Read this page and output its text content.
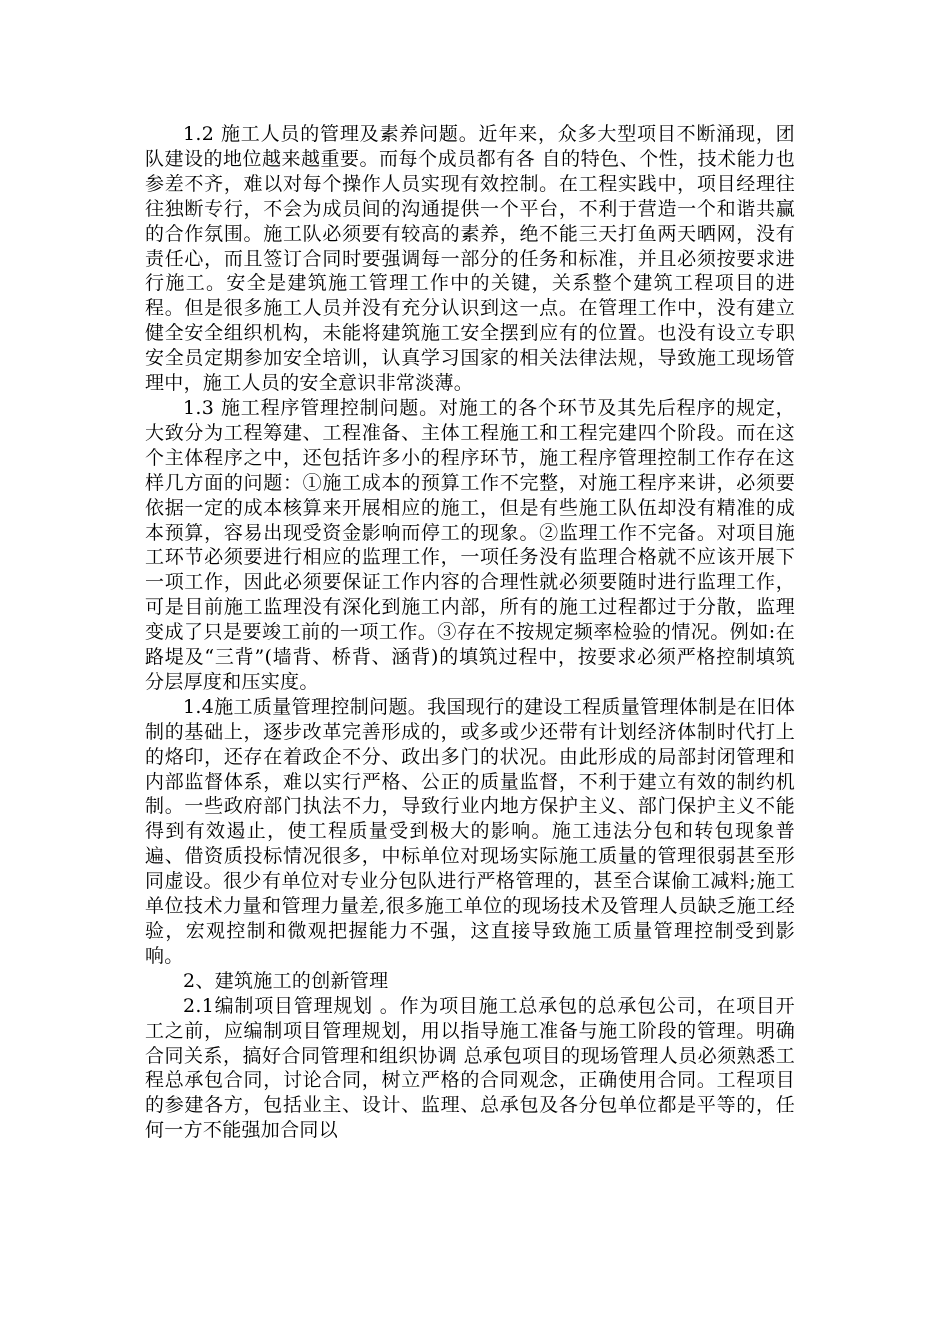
1.2 施工人员的管理及素养问题。近年来，众多大型项目不断涌现，团队建设的地位越来越重要。而每个成员都有各 自的特色、个性，技术能力也参差不齐，难以对每个操作人员实现有效控制。在工程实践中，项目经理往往独断专行，不会为成员间的沟通提供一个平台，不利于营造一个和谐共赢的合作氛围。施工队必须要有较高的素养，绝不能三天打鱼两天晒网，没有责任心，而且签订合同时要强调每一部分的任务和标准，并且必须按要求进行施工。安全是建筑施工管理工作中的关键，关系整个建筑工程项目的进程。但是很多施工人员并没有充分认识到这一点。在管理工作中，没有建立健全安全组织机构，未能将建筑施工安全摆到应有的位置。也没有设立专职安全员定期参加安全培训，认真学习国家的相关法律法规，导致施工现场管理中，施工人员的安全意识非常淡薄。

1.3 施工程序管理控制问题。对施工的各个环节及其先后程序的规定，大致分为工程筹建、工程准备、主体工程施工和工程完建四个阶段。而在这个主体程序之中，还包括许多小的程序环节，施工程序管理控制工作存在这样几方面的问题：①施工成本的预算工作不完整，对施工程序来讲，必须要依据一定的成本核算来开展相应的施工，但是有些施工队伍却没有精准的成本预算，容易出现受资金影响而停工的现象。②监理工作不完备。对项目施工环节必须要进行相应的监理工作，一项任务没有监理合格就不应该开展下一项工作，因此必须要保证工作内容的合理性就必须要随时进行监理工作，可是目前施工监理没有深化到施工内部，所有的施工过程都过于分散，监理变成了只是要竣工前的一项工作。③存在不按规定频率检验的情况。例如:在路堤及“三背”(墙背、桥背、涵背)的填筑过程中，按要求必须严格控制填筑分层厚度和压实度。

1.4施工质量管理控制问题。我国现行的建设工程质量管理体制是在旧体制的基础上，逐步改革完善形成的，或多或少还带有计划经济体制时代打上的烙印，还存在着政企不分、政出多门的状况。由此形成的局部封闭管理和内部监督体系，难以实行严格、公正的质量监督，不利于建立有效的制约机制。一些政府部门执法不力，导致行业内地方保护主义、部门保护主义不能得到有效遏止，使工程质量受到极大的影响。施工违法分包和转包现象普遍、借资质投标情况很多，中标单位对现场实际施工质量的管理很弱甚至形同虚设。很少有单位对专业分包队进行严格管理的，甚至合谋偷工减料;施工单位技术力量和管理力量差,很多施工单位的现场技术及管理人员缺乏施工经验，宏观控制和微观把握能力不强，这直接导致施工质量管理控制受到影响。

2、建筑施工的创新管理

2.1编制项目管理规划 。作为项目施工总承包的总承包公司，在项目开工之前，应编制项目管理规划，用以指导施工准备与施工阶段的管理。明确合同关系，搞好合同管理和组织协调 总承包项目的现场管理人员必须熟悉工程总承包合同，讨论合同，树立严格的合同观念，正确使用合同。工程项目的参建各方，包括业主、设计、监理、总承包及各分包单位都是平等的，任何一方不能强加合同以
